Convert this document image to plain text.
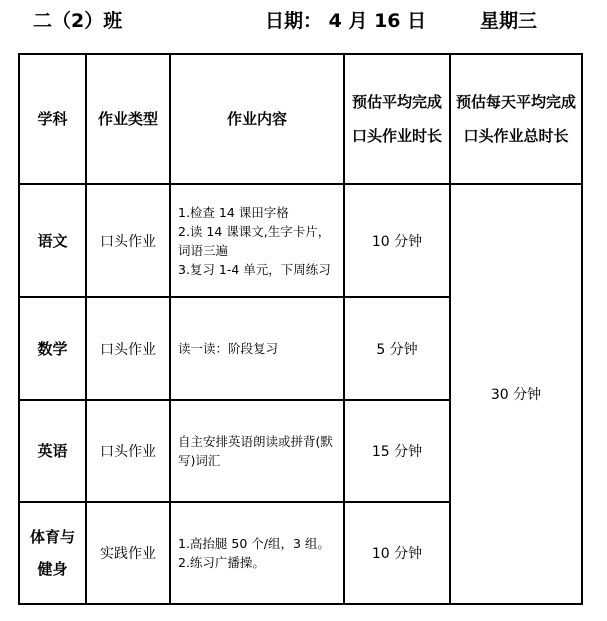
二（2）班	日期： 4 月 16 日	星期三
学科	作业类型	作业内容	预估平均完成口头作业时长	预估每天平均完成口头作业总时长
语文	口头作业	1.检查 14 课田字格
2.读 14 课课文,生字卡片，词语三遍
3.复习 1-4 单元，下周练习	10 分钟	30 分钟
数学	口头作业	读一读：阶段复习	5 分钟	
英语	口头作业	自主安排英语朗读或拼背(默写)词汇	15 分钟	
体育与健身	实践作业	1.高抬腿 50 个/组，3 组。
2.练习广播操。	10 分钟	
